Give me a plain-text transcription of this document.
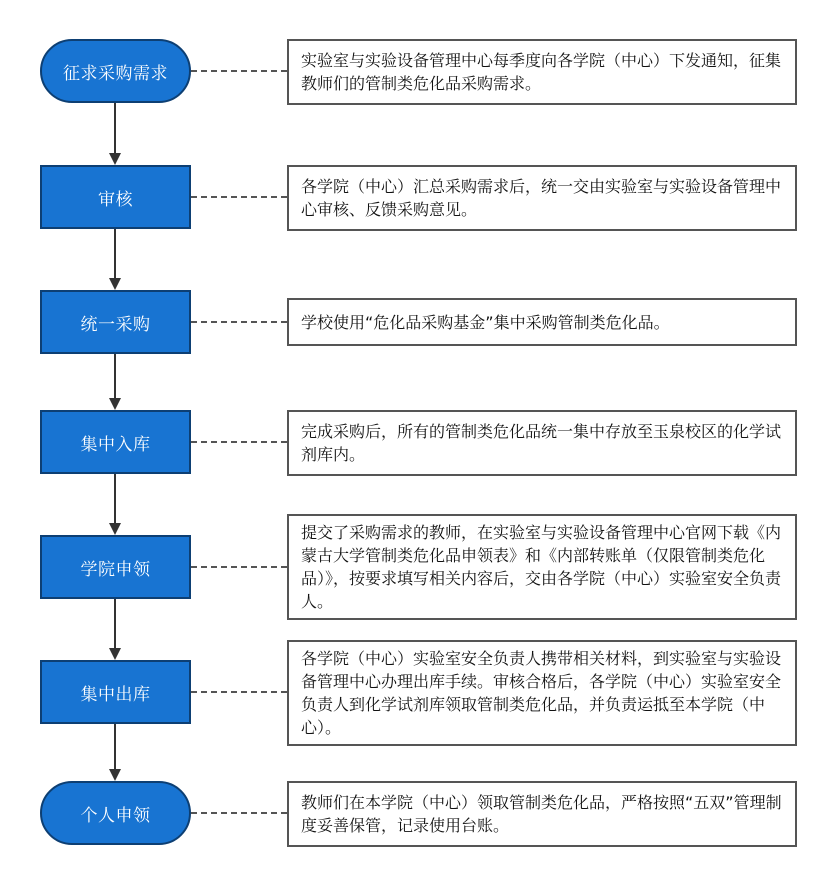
征求采购需求
审核
统一采购
集中入库
学院申领
集中出库
个人申领
实验室与实验设备管理中心每季度向各学院（中心）下发通知，征集教师们的管制类危化品采购需求。
各学院（中心）汇总采购需求后，统一交由实验室与实验设备管理中心审核、反馈采购意见。
学校使用“危化品采购基金”集中采购管制类危化品。
完成采购后，所有的管制类危化品统一集中存放至玉泉校区的化学试剂库内。
提交了采购需求的教师，在实验室与实验设备管理中心官网下载《内蒙古大学管制类危化品申领表》和《内部转账单（仅限管制类危化品）》，按要求填写相关内容后，交由各学院（中心）实验室安全负责人。
各学院（中心）实验室安全负责人携带相关材料，到实验室与实验设备管理中心办理出库手续。审核合格后，各学院（中心）实验室安全负责人到化学试剂库领取管制类危化品，并负责运抵至本学院（中心）。
教师们在本学院（中心）领取管制类危化品，严格按照“五双”管理制度妥善保管，记录使用台账。
